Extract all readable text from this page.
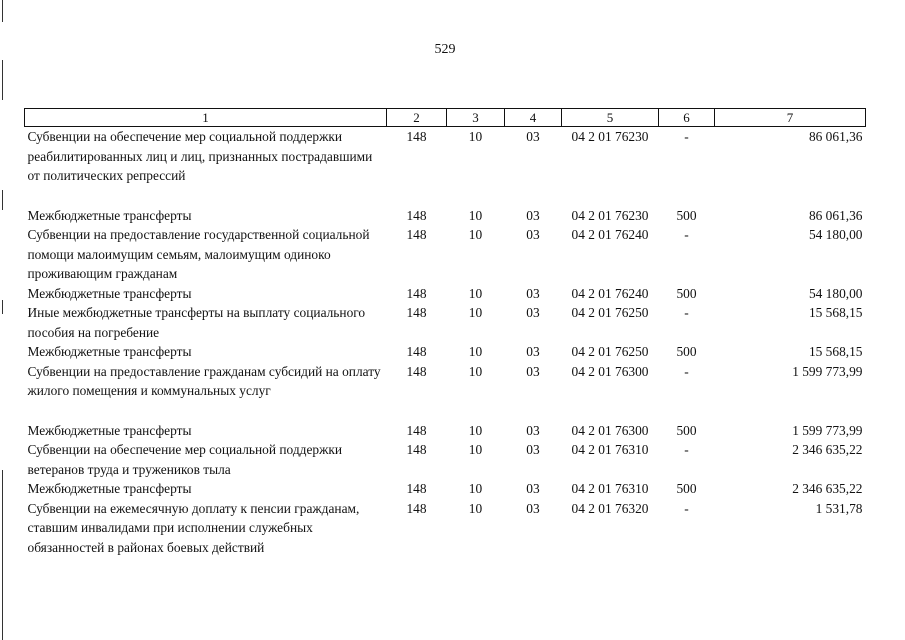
529
1	2	3	4	5	6	7
Субвенции на обеспечение мер социальной поддержки реабилитированных лиц и лиц, признанных пострадавшими от политических репрессий	148	10	03	04 2 01 76230	-	86 061,36
Межбюджетные трансферты	148	10	03	04 2 01 76230	500	86 061,36
Субвенции на предоставление государственной социальной помощи малоимущим семьям, малоимущим одиноко проживающим гражданам	148	10	03	04 2 01 76240	-	54 180,00
Межбюджетные трансферты	148	10	03	04 2 01 76240	500	54 180,00
Иные межбюджетные трансферты на выплату социального пособия на погребение	148	10	03	04 2 01 76250	-	15 568,15
Межбюджетные трансферты	148	10	03	04 2 01 76250	500	15 568,15
Субвенции на предоставление гражданам субсидий на оплату жилого помещения и коммунальных услуг	148	10	03	04 2 01 76300	-	1 599 773,99
Межбюджетные трансферты	148	10	03	04 2 01 76300	500	1 599 773,99
Субвенции на обеспечение мер социальной поддержки ветеранов труда и тружеников тыла	148	10	03	04 2 01 76310	-	2 346 635,22
Межбюджетные трансферты	148	10	03	04 2 01 76310	500	2 346 635,22
Субвенции на ежемесячную доплату к пенсии гражданам, ставшим инвалидами при исполнении служебных обязанностей в районах боевых действий	148	10	03	04 2 01 76320	-	1 531,78
